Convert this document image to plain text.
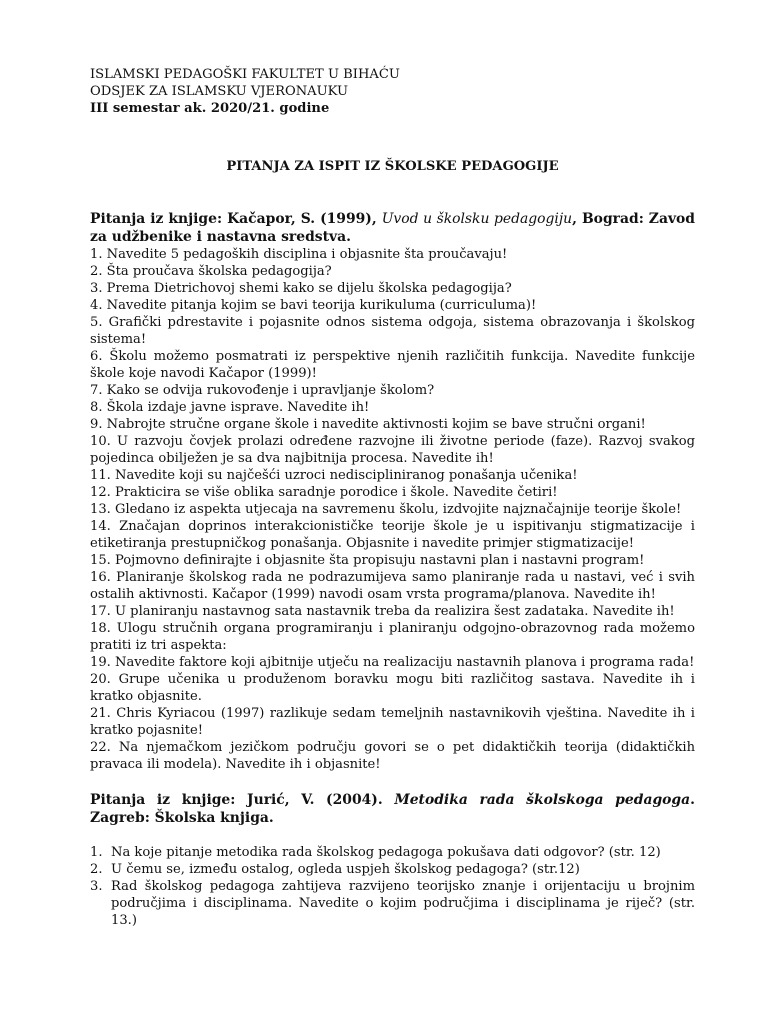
ISLAMSKI PEDAGOŠKI FAKULTET U BIHAĆU
ODSJEK ZA ISLAMSKU VJERONAUKU
III semestar ak. 2020/21. godine
PITANJA ZA ISPIT IZ ŠKOLSKE PEDAGOGIJE
Pitanja iz knjige: Kačapor, S. (1999), Uvod u školsku pedagogiju, Bograd: Zavod za udžbenike i nastavna sredstva.
1. Navedite 5 pedagoških disciplina i objasnite šta proučavaju!
2. Šta proučava školska pedagogija?
3. Prema Dietrichovoj shemi kako se dijelu školska pedagogija?
4. Navedite pitanja kojim se bavi teorija kurikuluma (curriculuma)!
5. Grafički pdrestavite i pojasnite odnos sistema odgoja, sistema obrazovanja i školskog sistema!
6. Školu možemo posmatrati iz perspektive njenih različitih funkcija. Navedite funkcije škole koje navodi Kačapor (1999)!
7. Kako se odvija rukovođenje i upravljanje školom?
8. Škola izdaje javne isprave. Navedite ih!
9. Nabrojte stručne organe škole i navedite aktivnosti kojim se bave stručni organi!
10. U razvoju čovjek prolazi određene razvojne ili životne periode (faze). Razvoj svakog pojedinca obilježen je sa dva najbitnija procesa. Navedite ih!
11. Navedite koji su najčešći uzroci nedisciplinirаnog ponašanja učenika!
12. Prakticira se više oblika saradnje porodice i škole. Navedite četiri!
13. Gledano iz aspekta utjecaja na savremenu školu, izdvojite najznačajnije teorije škole!
14. Značajan doprinos interakcionističke teorije škole je u ispitivanju stigmatizacije i etiketiranja prestupničkog ponašanja. Objasnite i navedite primjer stigmatizacije!
15. Pojmovno definirajte i objasnite šta propisuju nastavni plan i nastavni program!
16. Planiranje školskog rada ne podrazumijeva samo planiranje rada u nastavi, već i svih ostalih aktivnosti. Kačapor (1999) navodi osam vrsta programa/planova. Navedite ih!
17. U planiranju nastavnog sata nastavnik treba da realizira šest zadataka. Navedite ih!
18. Ulogu stručnih organa programiranju i planiranju odgojno-obrazovnog rada možemo pratiti iz tri aspekta:
19. Navedite faktore koji ajbitnije utječu na realizaciju nastavnih planova i programa rada!
20. Grupe učenika u produženom boravku mogu biti različitog sastava. Navedite ih i kratko objasnite.
21. Chris Kyriacou (1997) razlikuje sedam temeljnih nastavnikovih vještina. Navedite ih i kratko pojasnite!
22. Na njemačkom jezičkom području govori se o pet didaktičkih teorija (didaktičkih pravaca ili modela). Navedite ih i objasnite!
Pitanja iz knjige: Jurić, V. (2004). Metodika rada školskoga pedagoga. Zagreb: Školska knjiga.
1. Na koje pitanje metodika rada školskog pedagoga pokušava dati odgovor? (str. 12)
2. U čemu se, između ostalog, ogleda uspjeh školskog pedagoga? (str.12)
3. Rad školskog pedagoga zahtijeva razvijeno teorijsko znanje i orijentaciju u brojnim područjima i disciplinama. Navedite o kojim područjima i disciplinama je riječ? (str. 13.)
